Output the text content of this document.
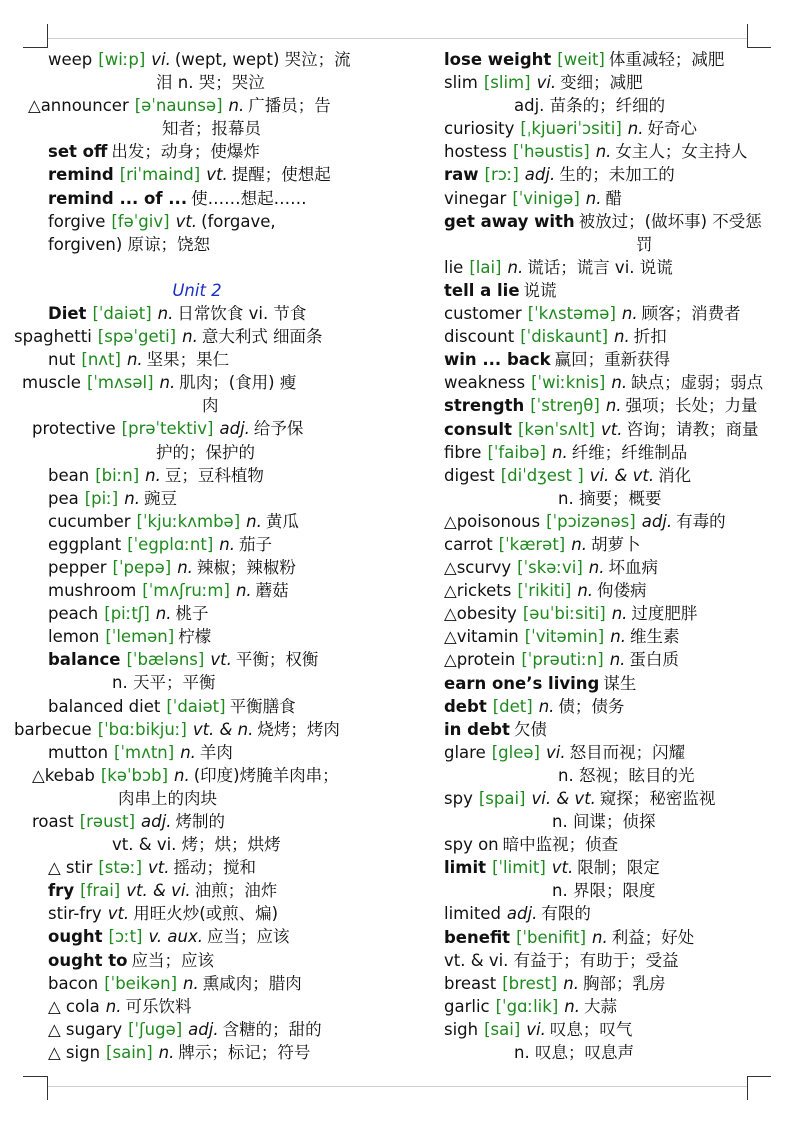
weep [wiːp] vi. (wept, wept) 哭泣；流
泪 n. 哭；哭泣
△announcer [əˈnaunsə] n. 广播员；告
知者；报幕员
set off 出发；动身；使爆炸
remind [riˈmaind] vt. 提醒；使想起
remind ... of ... 使……想起……
forgive [fəˈgiv] vt. (forgave,
forgiven) 原谅；饶恕
Unit 2
Diet [ˈdaiət] n. 日常饮食 vi. 节食
spaghetti [spəˈgeti] n. 意大利式 细面条
nut [nʌt] n. 坚果；果仁
muscle [ˈmʌsəl] n. 肌肉；(食用) 瘦
肉
protective [prəˈtektiv] adj. 给予保
护的；保护的
bean [biːn] n. 豆；豆科植物
pea [piː] n. 豌豆
cucumber [ˈkjuːkʌmbə] n. 黄瓜
eggplant [ˈegplɑːnt] n. 茄子
pepper [ˈpepə] n. 辣椒；辣椒粉
mushroom [ˈmʌʃruːm] n. 蘑菇
peach [piːtʃ] n. 桃子
lemon [ˈlemən] 柠檬
balance [ˈbæləns] vt. 平衡；权衡
n. 天平；平衡
balanced diet [ˈdaiət] 平衡膳食
barbecue [ˈbɑːbikjuː] vt. & n. 烧烤；烤肉
mutton [ˈmʌtn] n. 羊肉
△kebab [kəˈbɔb] n. (印度)烤腌羊肉串；
肉串上的肉块
roast [rəust] adj. 烤制的
vt. & vi. 烤；烘；烘烤
△ stir [stəː] vt. 摇动；搅和
fry [frai] vt. & vi. 油煎；油炸
stir-fry vt. 用旺火炒(或煎、煸)
ought [ɔːt] v. aux. 应当；应该
ought to 应当；应该
bacon [ˈbeikən] n. 熏咸肉；腊肉
△ cola n. 可乐饮料
△ sugary [ˈʃugə] adj. 含糖的；甜的
△ sign [sain] n. 牌示；标记；符号
lose weight [weit] 体重减轻；减肥
slim [slim] vi. 变细；减肥
adj. 苗条的；纤细的
curiosity [ˌkjuəriˈɔsiti] n. 好奇心
hostess [ˈhəustis] n. 女主人；女主持人
raw [rɔː] adj. 生的；未加工的
vinegar [ˈvinigə] n. 醋
get away with 被放过；(做坏事) 不受惩
罚
lie [lai] n. 谎话；谎言 vi. 说谎
tell a lie 说谎
customer [ˈkʌstəmə] n. 顾客；消费者
discount [ˈdiskaunt] n. 折扣
win ... back 赢回；重新获得
weakness [ˈwiːknis] n. 缺点；虚弱；弱点
strength [ˈstreŋθ] n. 强项；长处；力量
consult [kənˈsʌlt] vt. 咨询；请教；商量
fibre [ˈfaibə] n. 纤维；纤维制品
digest [diˈdʒest ] vi. & vt. 消化
n. 摘要；概要
△poisonous [ˈpɔizənəs] adj. 有毒的
carrot [ˈkærət] n. 胡萝卜
△scurvy [ˈskəːvi] n. 坏血病
△rickets [ˈrikiti] n. 佝偻病
△obesity [əuˈbiːsiti] n. 过度肥胖
△vitamin [ˈvitəmin] n. 维生素
△protein [ˈprəutiːn] n. 蛋白质
earn one’s living 谋生
debt [det] n. 债；债务
in debt 欠债
glare [gleə] vi. 怒目而视；闪耀
n. 怒视；眩目的光
spy [spai] vi. & vt. 窥探；秘密监视
n. 间谍；侦探
spy on 暗中监视；侦查
limit [ˈlimit] vt. 限制；限定
n. 界限；限度
limited adj. 有限的
benefit [ˈbenifit] n. 利益；好处
vt. & vi. 有益于；有助于；受益
breast [brest] n. 胸部；乳房
garlic [ˈgɑːlik] n. 大蒜
sigh [sai] vi. 叹息；叹气
n. 叹息；叹息声
